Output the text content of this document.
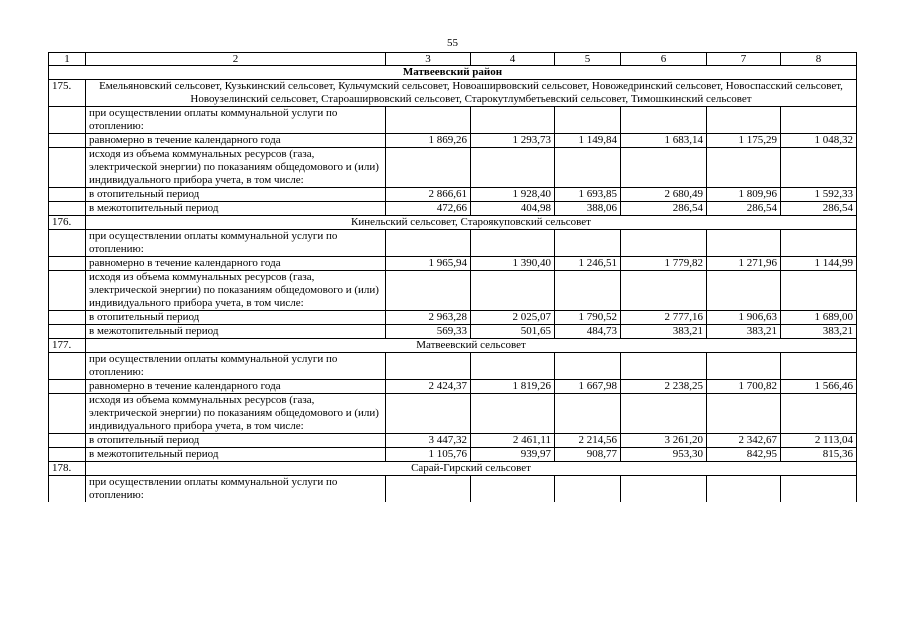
55
1	2	3	4	5	6	7	8
Матвеевский район							
175.	Емельяновский сельсовет, Кузькинский сельсовет, Кульчумский сельсовет, Новоаширвовский сельсовет, Новожедринский сельсовет, Новоспасский сельсовет, Новоузелинский сельсовет, Староаширвовский сельсовет, Старокутлумбетьевский сельсовет, Тимошкинский сельсовет						
	при осуществлении оплаты коммунальной услуги по отоплению:						
	равномерно в течение календарного года	1 869,26	1 293,73	1 149,84	1 683,14	1 175,29	1 048,32
	исходя из объема коммунальных ресурсов (газа, электрической энергии) по показаниям общедомового и (или) индивидуального прибора учета, в том числе:						
	в отопительный период	2 866,61	1 928,40	1 693,85	2 680,49	1 809,96	1 592,33
	в межотопительный период	472,66	404,98	388,06	286,54	286,54	286,54
176.	Кинельский сельсовет, Староякуповский сельсовет						
	при осуществлении оплаты коммунальной услуги по отоплению:						
	равномерно в течение календарного года	1 965,94	1 390,40	1 246,51	1 779,82	1 271,96	1 144,99
	исходя из объема коммунальных ресурсов (газа, электрической энергии) по показаниям общедомового и (или) индивидуального прибора учета, в том числе:						
	в отопительный период	2 963,28	2 025,07	1 790,52	2 777,16	1 906,63	1 689,00
	в межотопительный период	569,33	501,65	484,73	383,21	383,21	383,21
177.	Матвеевский сельсовет						
	при осуществлении оплаты коммунальной услуги по отоплению:						
	равномерно в течение календарного года	2 424,37	1 819,26	1 667,98	2 238,25	1 700,82	1 566,46
	исходя из объема коммунальных ресурсов (газа, электрической энергии) по показаниям общедомового и (или) индивидуального прибора учета, в том числе:						
	в отопительный период	3 447,32	2 461,11	2 214,56	3 261,20	2 342,67	2 113,04
	в межотопительный период	1 105,76	939,97	908,77	953,30	842,95	815,36
178.	Сарай-Гирский сельсовет						
	при осуществлении оплаты коммунальной услуги по отоплению:						
